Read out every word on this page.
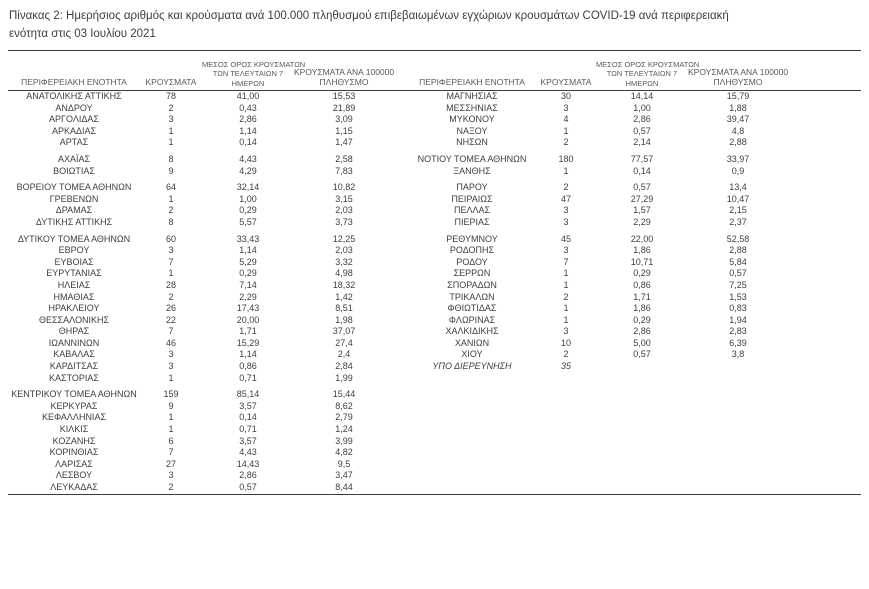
Πίνακας 2: Ημερήσιος αριθμός και κρούσματα ανά 100.000 πληθυσμού επιβεβαιωμένων εγχώριων κρουσμάτων COVID-19 ανά περιφερειακή
ενότητα στις 03 Ιουλίου 2021
ΠΕΡΙΦΕΡΕΙΑΚΗ ΕΝΟΤΗΤΑ	ΚΡΟΥΣΜΑΤΑ	ΜΕΣΟΣ ΟΡΟΣ ΚΡΟΥΣΜΑΤΩΝ
ΤΩΝ ΤΕΛΕΥΤΑΙΩΝ 7
ΗΜΕΡΩΝ	ΚΡΟΥΣΜΑΤΑ ΑΝΑ 100000
ΠΛΗΘΥΣΜΟ		ΠΕΡΙΦΕΡΕΙΑΚΗ ΕΝΟΤΗΤΑ	ΚΡΟΥΣΜΑΤΑ	ΜΕΣΟΣ ΟΡΟΣ ΚΡΟΥΣΜΑΤΩΝ
ΤΩΝ ΤΕΛΕΥΤΑΙΩΝ 7
ΗΜΕΡΩΝ	ΚΡΟΥΣΜΑΤΑ ΑΝΑ 100000
ΠΛΗΘΥΣΜΟ	
ΑΝΑΤΟΛΙΚΗΣ ΑΤΤΙΚΗΣ	78	41,00	15,53		ΜΑΓΝΗΣΙΑΣ	30	14,14	15,79	
ΑΝΔΡΟΥ	2	0,43	21,89		ΜΕΣΣΗΝΙΑΣ	3	1,00	1,88	
ΑΡΓΟΛΙΔΑΣ	3	2,86	3,09		ΜΥΚΟΝΟΥ	4	2,86	39,47	
ΑΡΚΑΔΙΑΣ	1	1,14	1,15		ΝΑΞΟΥ	1	0,57	4,8	
ΑΡΤΑΣ	1	0,14	1,47		ΝΗΣΩΝ	2	2,14	2,88	

ΑΧΑΪΑΣ	8	4,43	2,58		ΝΟΤΙΟΥ ΤΟΜΕΑ ΑΘΗΝΩΝ	180	77,57	33,97	
ΒΟΙΩΤΙΑΣ	9	4,29	7,83		ΞΑΝΘΗΣ	1	0,14	0,9	

ΒΟΡΕΙΟΥ ΤΟΜΕΑ ΑΘΗΝΩΝ	64	32,14	10,82		ΠΑΡΟΥ	2	0,57	13,4	
ΓΡΕΒΕΝΩΝ	1	1,00	3,15		ΠΕΙΡΑΙΩΣ	47	27,29	10,47	
ΔΡΑΜΑΣ	2	0,29	2,03		ΠΕΛΛΑΣ	3	1,57	2,15	
ΔΥΤΙΚΗΣ ΑΤΤΙΚΗΣ	8	5,57	3,73		ΠΙΕΡΙΑΣ	3	2,29	2,37	

ΔΥΤΙΚΟΥ ΤΟΜΕΑ ΑΘΗΝΩΝ	60	33,43	12,25		ΡΕΘΥΜΝΟΥ	45	22,00	52,58	
ΕΒΡΟΥ	3	1,14	2,03		ΡΟΔΟΠΗΣ	3	1,86	2,88	
ΕΥΒΟΙΑΣ	7	5,29	3,32		ΡΟΔΟΥ	7	10,71	5,84	
ΕΥΡΥΤΑΝΙΑΣ	1	0,29	4,98		ΣΕΡΡΩΝ	1	0,29	0,57	
ΗΛΕΙΑΣ	28	7,14	18,32		ΣΠΟΡΑΔΩΝ	1	0,86	7,25	
ΗΜΑΘΙΑΣ	2	2,29	1,42		ΤΡΙΚΑΛΩΝ	2	1,71	1,53	
ΗΡΑΚΛΕΙΟΥ	26	17,43	8,51		ΦΘΙΩΤΙΔΑΣ	1	1,86	0,83	
ΘΕΣΣΑΛΟΝΙΚΗΣ	22	20,00	1,98		ΦΛΩΡΙΝΑΣ	1	0,29	1,94	
ΘΗΡΑΣ	7	1,71	37,07		ΧΑΛΚΙΔΙΚΗΣ	3	2,86	2,83	
ΙΩΑΝΝΙΝΩΝ	46	15,29	27,4		ΧΑΝΙΩΝ	10	5,00	6,39	
ΚΑΒΑΛΑΣ	3	1,14	2,4		ΧΙΟΥ	2	0,57	3,8	
ΚΑΡΔΙΤΣΑΣ	3	0,86	2,84		ΥΠΟ ΔΙΕΡΕΥΝΗΣΗ	35			
ΚΑΣΤΟΡΙΑΣ	1	0,71	1,99						

ΚΕΝΤΡΙΚΟΥ ΤΟΜΕΑ ΑΘΗΝΩΝ	159	85,14	15,44						
ΚΕΡΚΥΡΑΣ	9	3,57	8,62						
ΚΕΦΑΛΛΗΝΙΑΣ	1	0,14	2,79						
ΚΙΛΚΙΣ	1	0,71	1,24						
ΚΟΖΑΝΗΣ	6	3,57	3,99						
ΚΟΡΙΝΘΙΑΣ	7	4,43	4,82						
ΛΑΡΙΣΑΣ	27	14,43	9,5						
ΛΕΣΒΟΥ	3	2,86	3,47						
ΛΕΥΚΑΔΑΣ	2	0,57	8,44						
